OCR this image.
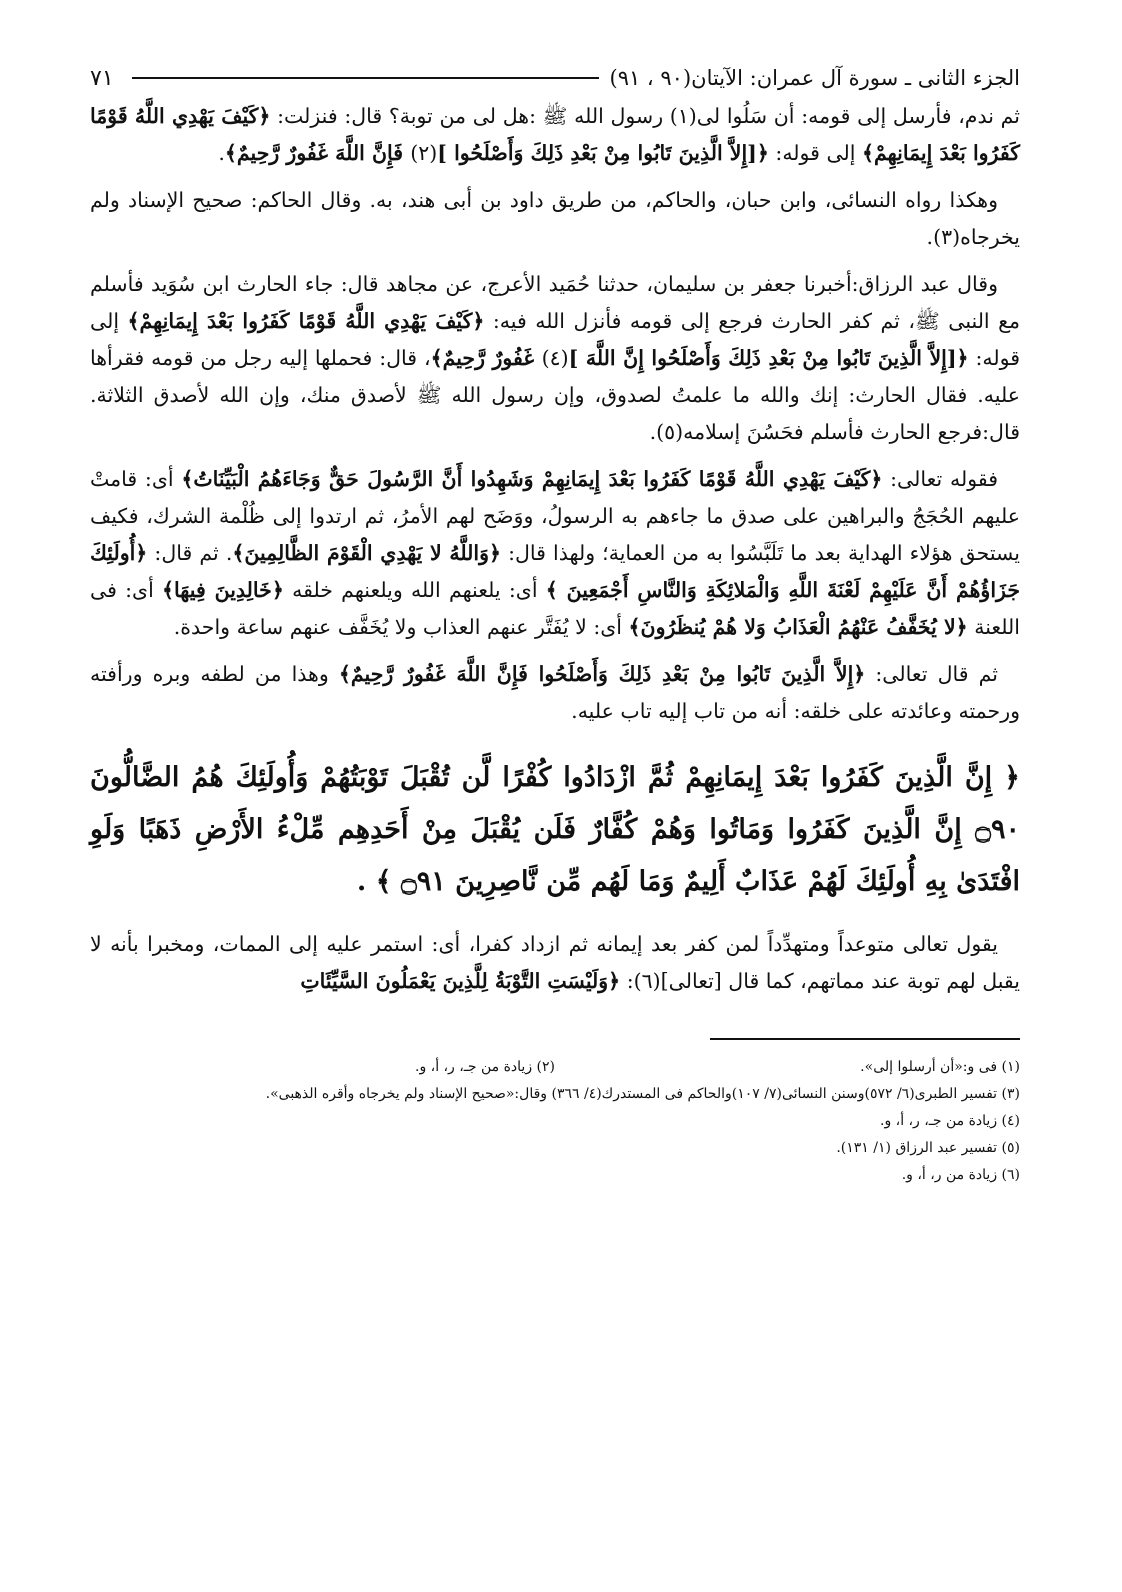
الجزء الثانى ـ سورة آل عمران: الآيتان(٩٠ ، ٩١)
٧١

ثم ندم، فأرسل إلى قومه: أن سَلُوا لى(١) رسول الله ﷺ :هل لى من توبة؟ قال: فنزلت: ﴿كَيْفَ يَهْدِي اللَّهُ قَوْمًا كَفَرُوا بَعْدَ إِيمَانِهِمْ﴾ إلى قوله: ﴿[إِلاَّ الَّذِينَ تَابُوا مِنْ بَعْدِ ذَلِكَ وَأَصْلَحُوا ](٢) فَإِنَّ اللَّهَ غَفُورٌ رَّحِيمٌ﴾.

وهكذا رواه النسائى، وابن حبان، والحاكم، من طريق داود بن أبى هند، به. وقال الحاكم: صحيح الإسناد ولم يخرجاه(٣).

وقال عبد الرزاق:أخبرنا جعفر بن سليمان، حدثنا حُمَيد الأعرج، عن مجاهد قال: جاء الحارث ابن سُوَيد فأسلم مع النبى ﷺ، ثم كفر الحارث فرجع إلى قومه فأنزل الله فيه: ﴿كَيْفَ يَهْدِي اللَّهُ قَوْمًا كَفَرُوا بَعْدَ إِيمَانِهِمْ﴾ إلى قوله: ﴿[إِلاَّ الَّذِينَ تَابُوا مِنْ بَعْدِ ذَلِكَ وَأَصْلَحُوا إِنَّ اللَّهَ ](٤) غَفُورٌ رَّحِيمٌ﴾، قال: فحملها إليه رجل من قومه فقرأها عليه. فقال الحارث: إنك والله ما علمتُ لصدوق، وإن رسول الله ﷺ لأصدق منك، وإن الله لأصدق الثلاثة. قال:فرجع الحارث فأسلم فحَسُنَ إسلامه(٥).

فقوله تعالى: ﴿كَيْفَ يَهْدِي اللَّهُ قَوْمًا كَفَرُوا بَعْدَ إِيمَانِهِمْ وَشَهِدُوا أَنَّ الرَّسُولَ حَقٌّ وَجَاءَهُمُ الْبَيِّنَاتُ﴾ أى: قامتْ عليهم الحُجَجُ والبراهين على صدق ما جاءهم به الرسولُ، ووَضَح لهم الأمرُ، ثم ارتدوا إلى ظُلْمة الشرك، فكيف يستحق هؤلاء الهداية بعد ما تَلَبَّسُوا به من العماية؛ ولهذا قال: ﴿وَاللَّهُ لا يَهْدِي الْقَوْمَ الظَّالِمِينَ﴾. ثم قال: ﴿أُولَئِكَ جَزَاؤُهُمْ أَنَّ عَلَيْهِمْ لَعْنَةَ اللَّهِ وَالْمَلائِكَةِ وَالنَّاسِ أَجْمَعِينَ ﴾ أى: يلعنهم الله ويلعنهم خلقه ﴿خَالِدِينَ فِيهَا﴾ أى: فى اللعنة ﴿لا يُخَفَّفُ عَنْهُمُ الْعَذَابُ وَلا هُمْ يُنظَرُونَ﴾ أى: لا يُفَتَّر عنهم العذاب ولا يُخَفَّف عنهم ساعة واحدة.

ثم قال تعالى: ﴿إِلاَّ الَّذِينَ تَابُوا مِنْ بَعْدِ ذَلِكَ وَأَصْلَحُوا فَإِنَّ اللَّهَ غَفُورٌ رَّحِيمٌ﴾ وهذا من لطفه وبره ورأفته ورحمته وعائدته على خلقه: أنه من تاب إليه تاب عليه.

﴿ إِنَّ الَّذِينَ كَفَرُوا بَعْدَ إِيمَانِهِمْ ثُمَّ ازْدَادُوا كُفْرًا لَّن تُقْبَلَ تَوْبَتُهُمْ وَأُولَئِكَ هُمُ الضَّالُّونَ ۝٩٠ إِنَّ الَّذِينَ كَفَرُوا وَمَاتُوا وَهُمْ كُفَّارٌ فَلَن يُقْبَلَ مِنْ أَحَدِهِم مِّلْءُ الأَرْضِ ذَهَبًا وَلَوِ افْتَدَىٰ بِهِ أُولَئِكَ لَهُمْ عَذَابٌ أَلِيمٌ وَمَا لَهُم مِّن نَّاصِرِينَ ۝٩١ ﴾ .

يقول تعالى متوعداً ومتهدِّداً لمن كفر بعد إيمانه ثم ازداد كفرا، أى: استمر عليه إلى الممات، ومخبرا بأنه لا يقبل لهم توبة عند مماتهم، كما قال [تعالى](٦): ﴿وَلَيْسَتِ التَّوْبَةُ لِلَّذِينَ يَعْمَلُونَ السَّيِّئَاتِ

(١) فى و:«أن أرسلوا إلى».
(٢) زيادة من جـ، ر، أ، و.
(٣) تفسير الطبرى(٦/ ٥٧٢)وسنن النسائى(٧/ ١٠٧)والحاكم فى المستدرك(٤/ ٣٦٦) وقال:«صحيح الإسناد ولم يخرجاه وأقره الذهبى».
(٤) زيادة من جـ، ر، أ، و.
(٥) تفسير عبد الرزاق (١/ ١٣١).
(٦) زيادة من ر، أ، و.
